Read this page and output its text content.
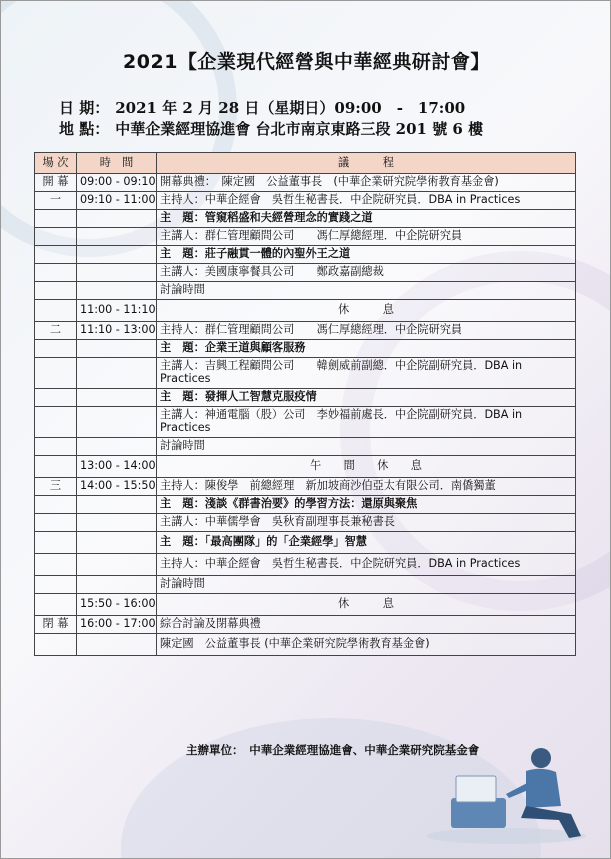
2021【企業現代經營與中華經典研討會】
日 期： 2021 年 2 月 28 日（星期日）09:00　-　17:00
地 點： 中華企業經理協進會 台北市南京東路三段 201 號 6 樓
場 次	時　間	議　　　程
開 幕	09:00 - 09:10	開幕典禮：　陳定國　公益董事長　(中華企業研究院學術教育基金會)
一	09:10 - 11:00	主持人：中華企經會　吳哲生秘書長．中企院研究員．DBA in Practices
		主　題：管窺稻盛和夫經營理念的實踐之道
		主講人：群仁管理顧問公司　　馮仁厚總經理．中企院研究員
		主　題：莊子融貫一體的內聖外王之道
		主講人：美國康寧餐具公司　　鄭政嘉副總裁
		討論時間
	11:00 - 11:10	休　　　息
二	11:10 - 13:00	主持人：群仁管理顧問公司　　馮仁厚總經理．中企院研究員
		主　題：企業王道與顧客服務
		主講人：吉興工程顧問公司　　韓劍威前副總．中企院副研究員．DBA in Practices
		主　題：發揮人工智慧克服疫情
		主講人：神通電腦（股）公司　李妙福前處長．中企院副研究員．DBA in Practices
		討論時間
	13:00 - 14:00	午　　間　　休　　息
三	14:00 - 15:50	主持人：陳俊學　前總經理　新加坡商沙伯亞太有限公司．南僑獨董
		主　題：淺談《群書治要》的學習方法：還原與聚焦
		主講人：中華儒學會　吳秋育副理事長兼秘書長
		主　題：「最高團隊」的「企業經學」智慧
		主持人：中華企經會　吳哲生秘書長．中企院研究員．DBA in Practices
		討論時間
	15:50 - 16:00	休　　　息
閉 幕	16:00 - 17:00	綜合討論及閉幕典禮
		陳定國　公益董事長 (中華企業研究院學術教育基金會)
主辦單位：　中華企業經理協進會、中華企業研究院基金會
